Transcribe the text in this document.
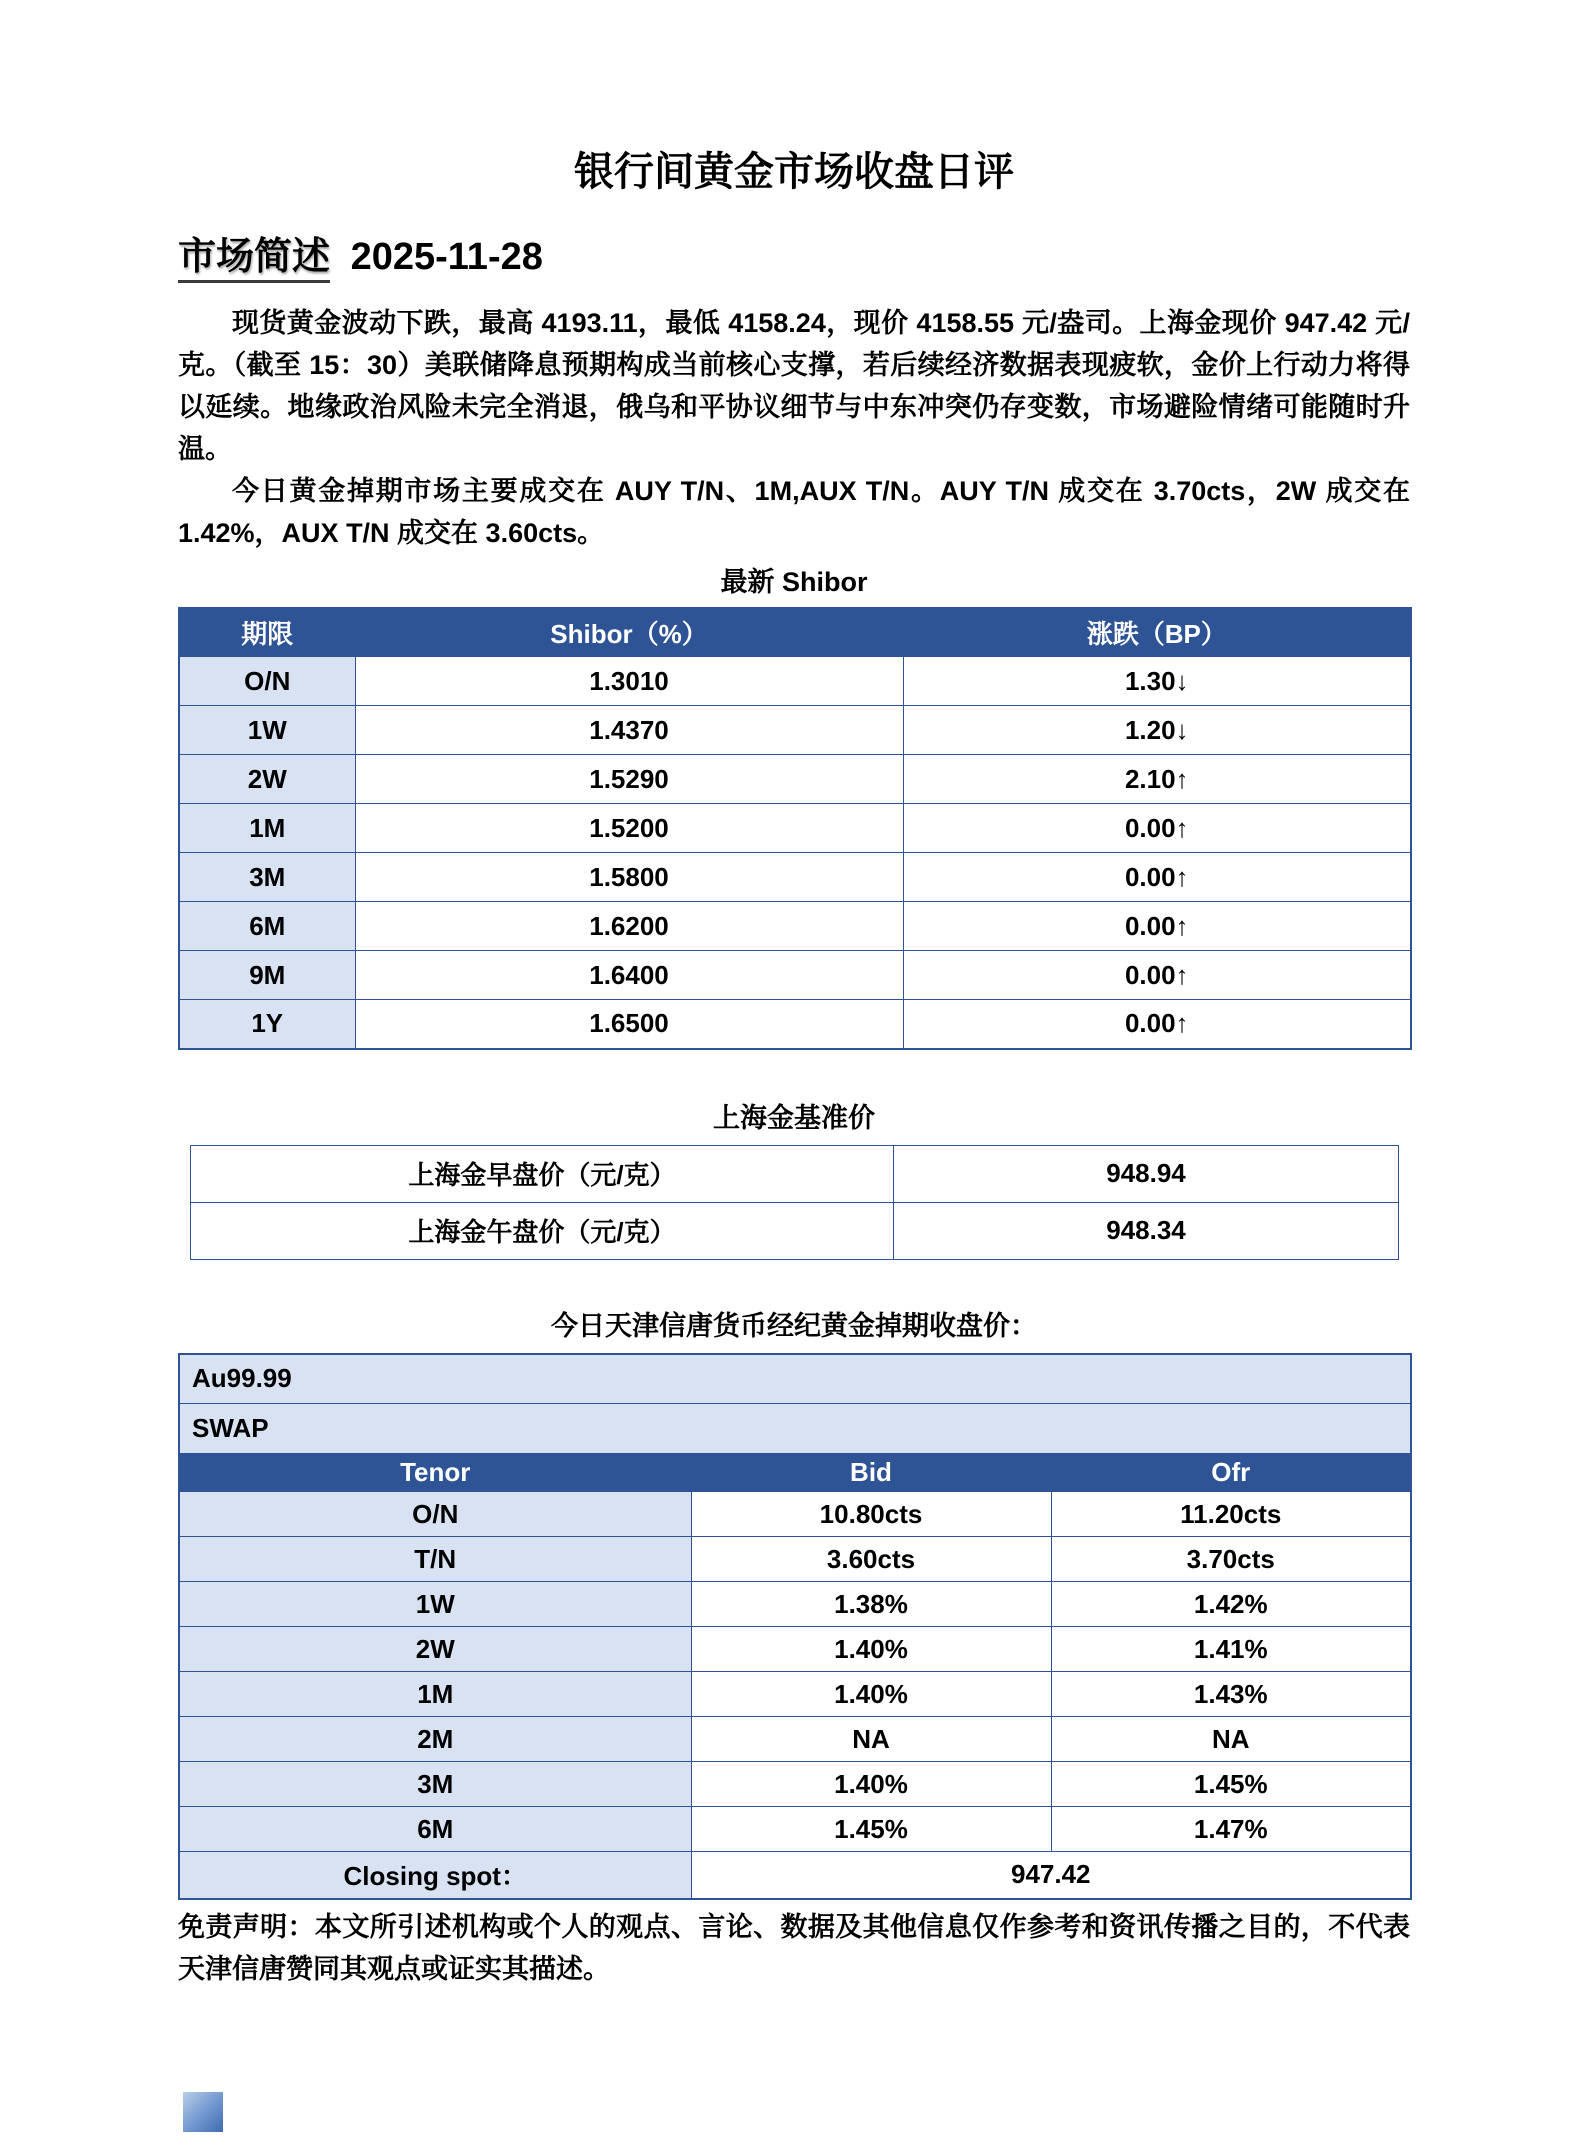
银行间黄金市场收盘日评
市场简述 2025-11-28

现货黄金波动下跌，最高 4193.11，最低 4158.24，现价 4158.55 元/盎司。上海金现价 947.42 元/克。（截至 15：30）美联储降息预期构成当前核心支撑，若后续经济数据表现疲软，金价上行动力将得以延续。地缘政治风险未完全消退，俄乌和平协议细节与中东冲突仍存变数，市场避险情绪可能随时升温。

今日黄金掉期市场主要成交在 AUY T/N、1M,AUX T/N。AUY T/N 成交在 3.70cts，2W 成交在 1.42%，AUX T/N 成交在 3.60cts。

最新 Shibor
期限	Shibor（%）	涨跌（BP）
O/N	1.3010	1.30↓
1W	1.4370	1.20↓
2W	1.5290	2.10↑
1M	1.5200	0.00↑
3M	1.5800	0.00↑
6M	1.6200	0.00↑
9M	1.6400	0.00↑
1Y	1.6500	0.00↑
上海金基准价
上海金早盘价（元/克）	948.94
上海金午盘价（元/克）	948.34
今日天津信唐货币经纪黄金掉期收盘价：
Au99.99		
SWAP		
Tenor	Bid	Ofr
O/N	10.80cts	11.20cts
T/N	3.60cts	3.70cts
1W	1.38%	1.42%
2W	1.40%	1.41%
1M	1.40%	1.43%
2M	NA	NA
3M	1.40%	1.45%
6M	1.45%	1.47%
Closing spot：	947.42	

免责声明：本文所引述机构或个人的观点、言论、数据及其他信息仅作参考和资讯传播之目的，不代表天津信唐赞同其观点或证实其描述。
